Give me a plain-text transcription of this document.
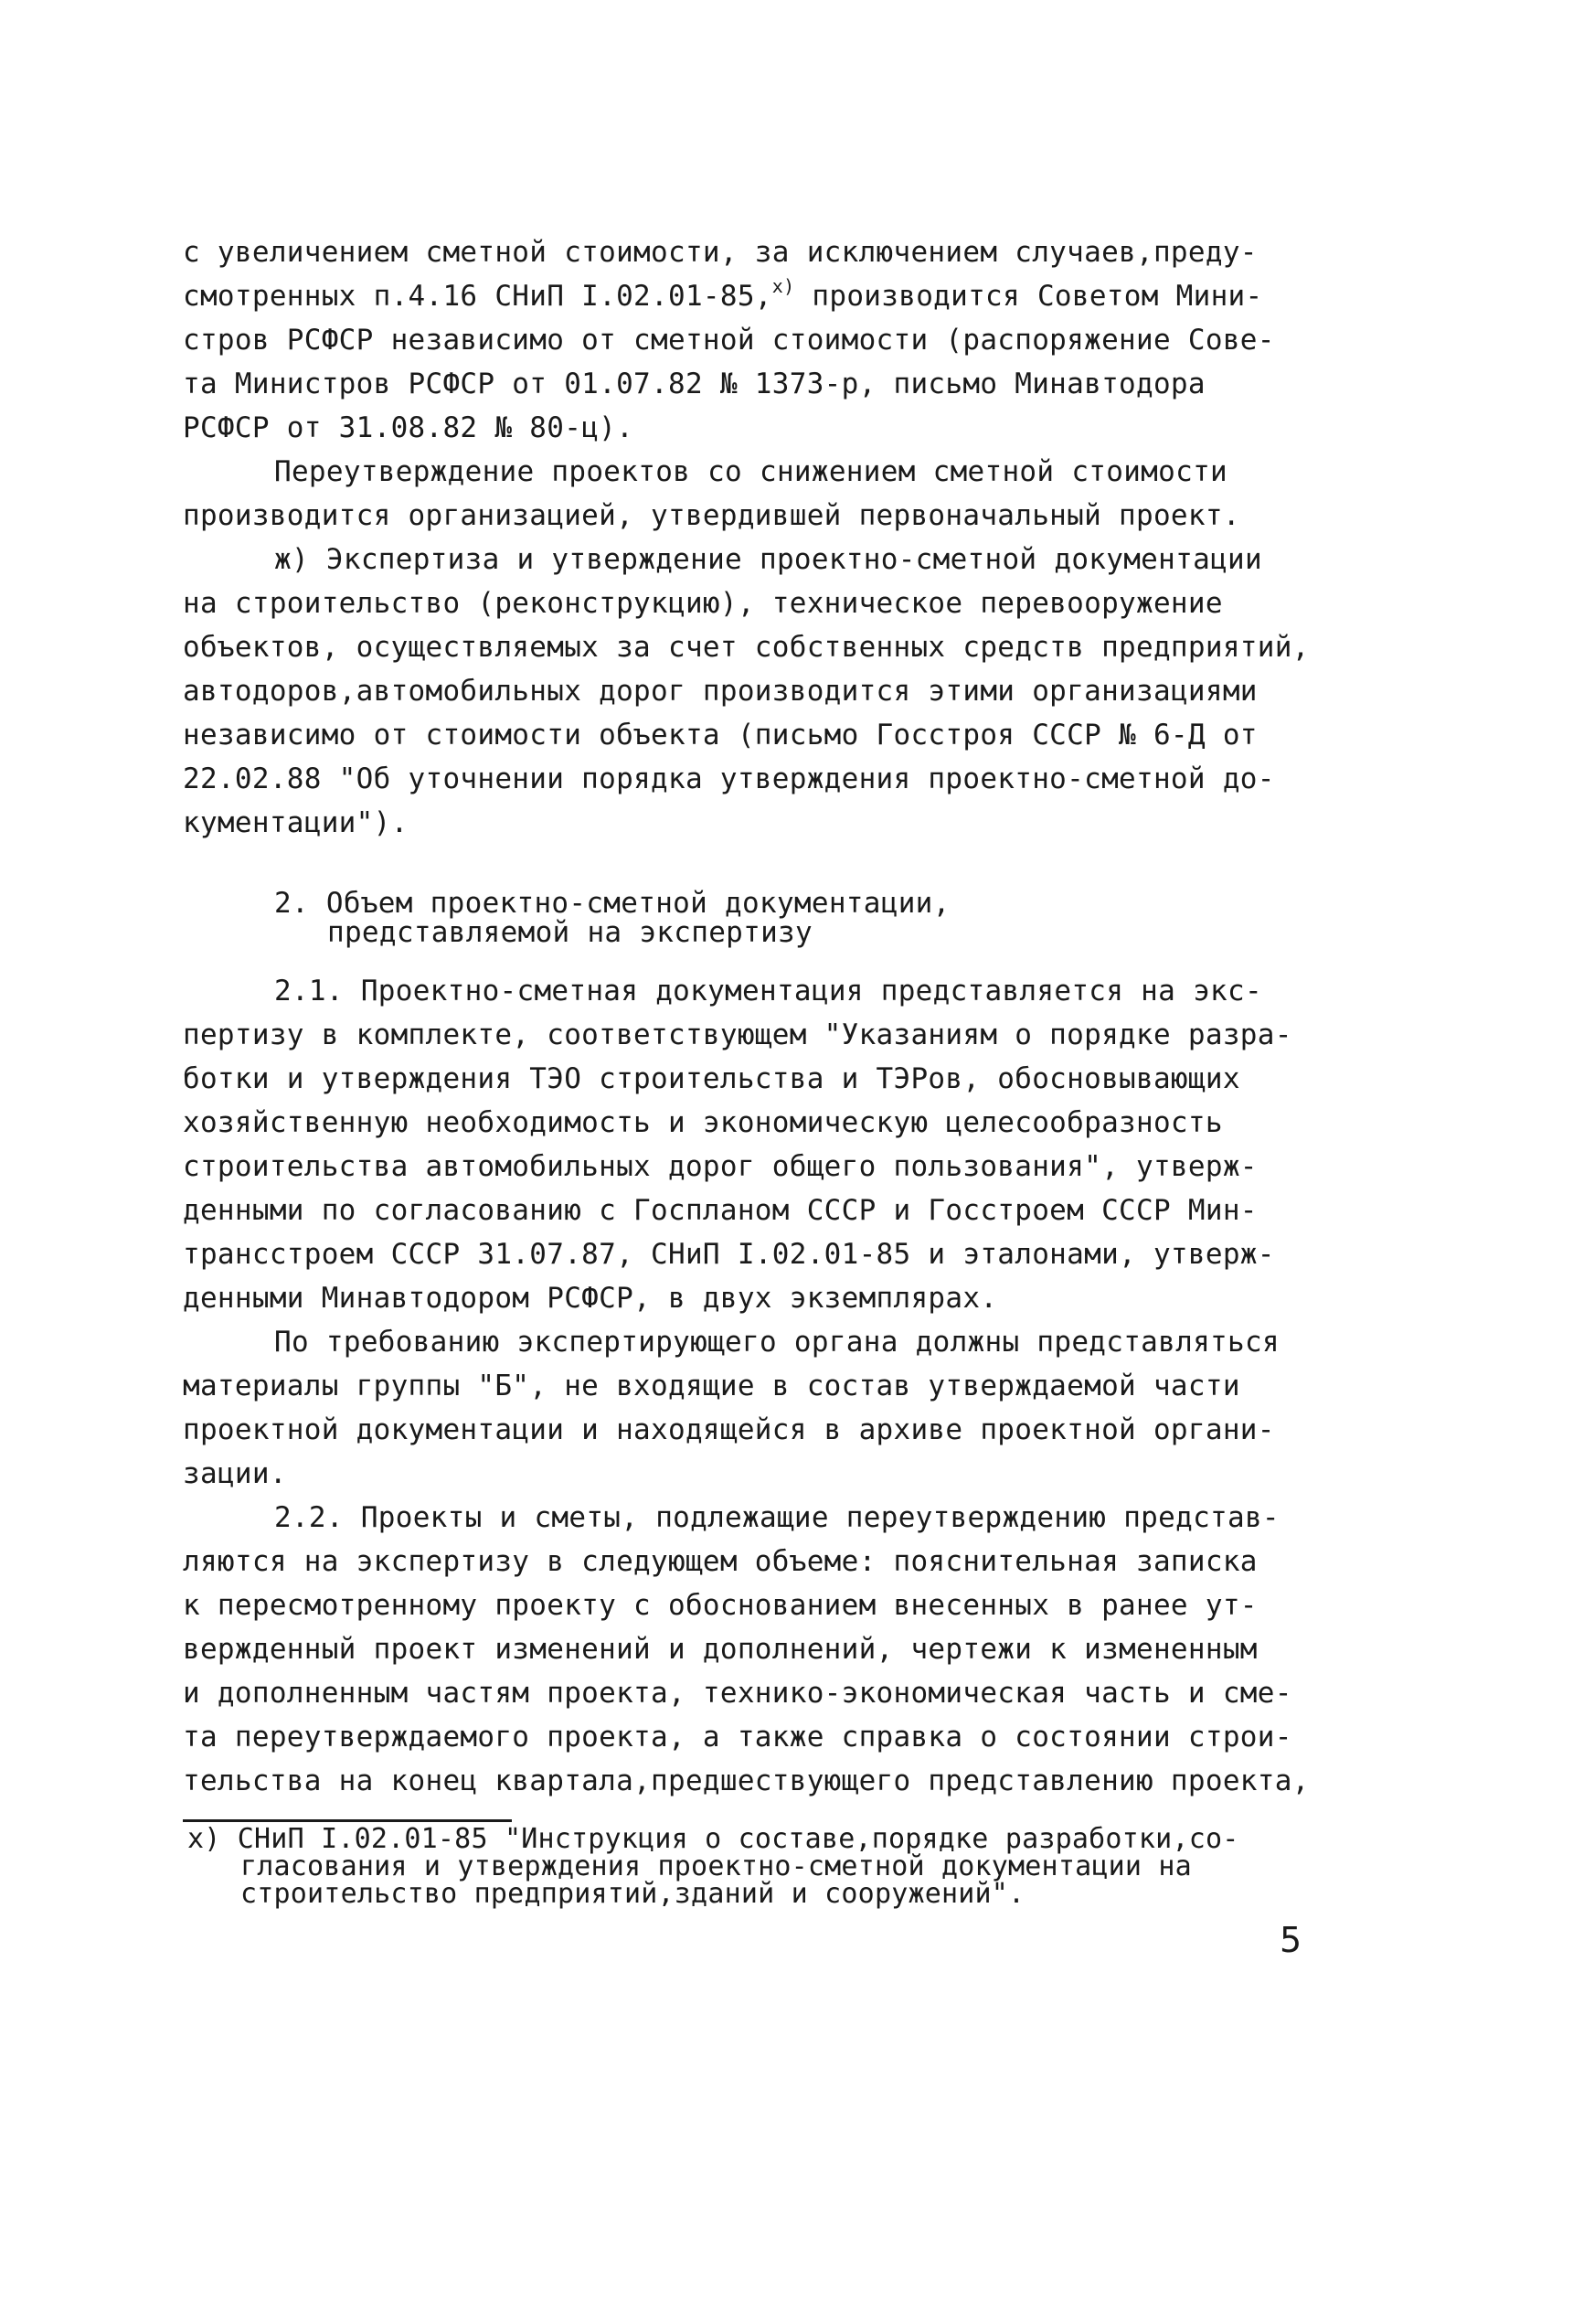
с увеличением сметной стоимости, за исключением случаев,преду-
смотренных п.4.16 СНиП I.02.01-85,$^{х)}$ производится Советом Мини-
стров РСФСР независимо от сметной стоимости (распоряжение Сове-
та Министров РСФСР от 01.07.82 № 1373-р, письмо Минавтодора
РСФСР от 31.08.82 № 80-ц).
Переутверждение проектов со снижением сметной стоимости
производится организацией, утвердившей первоначальный проект.
ж) Экспертиза и утверждение проектно-сметной документации
на строительство (реконструкцию), техническое перевооружение
объектов, осуществляемых за счет собственных средств предприятий,
автодоров,автомобильных дорог производится этими организациями
независимо от стоимости объекта (письмо Госстроя СССР № 6-Д от
22.02.88 "Об уточнении порядка утверждения проектно-сметной до-
кументации").
2. Объем проектно-сметной документации,
представляемой на экспертизу
2.1. Проектно-сметная документация представляется на экс-
пертизу в комплекте, соответствующем "Указаниям о порядке разра-
ботки и утверждения ТЭО строительства и ТЭРов, обосновывающих
хозяйственную необходимость и экономическую целесообразность
строительства автомобильных дорог общего пользования", утверж-
денными по согласованию с Госпланом СССР и Госстроем СССР Мин-
трансстроем СССР 31.07.87, СНиП I.02.01-85 и эталонами, утверж-
денными Минавтодором РСФСР, в двух экземплярах.
По требованию экспертирующего органа должны представляться
материалы группы "Б", не входящие в состав утверждаемой части
проектной документации и находящейся в архиве проектной органи-
зации.
2.2. Проекты и сметы, подлежащие переутверждению представ-
ляются на экспертизу в следующем объеме: пояснительная записка
к пересмотренному проекту с обоснованием внесенных в ранее ут-
вержденный проект изменений и дополнений, чертежи к измененным
и дополненным частям проекта, технико-экономическая часть и сме-
та переутверждаемого проекта, а также справка о состоянии строи-
тельства на конец квартала,предшествующего представлению проекта,
х) СНиП I.02.01-85 "Инструкция о составе,порядке разработки,со-
гласования и утверждения проектно-сметной документации на
строительство предприятий,зданий и сооружений".
5
